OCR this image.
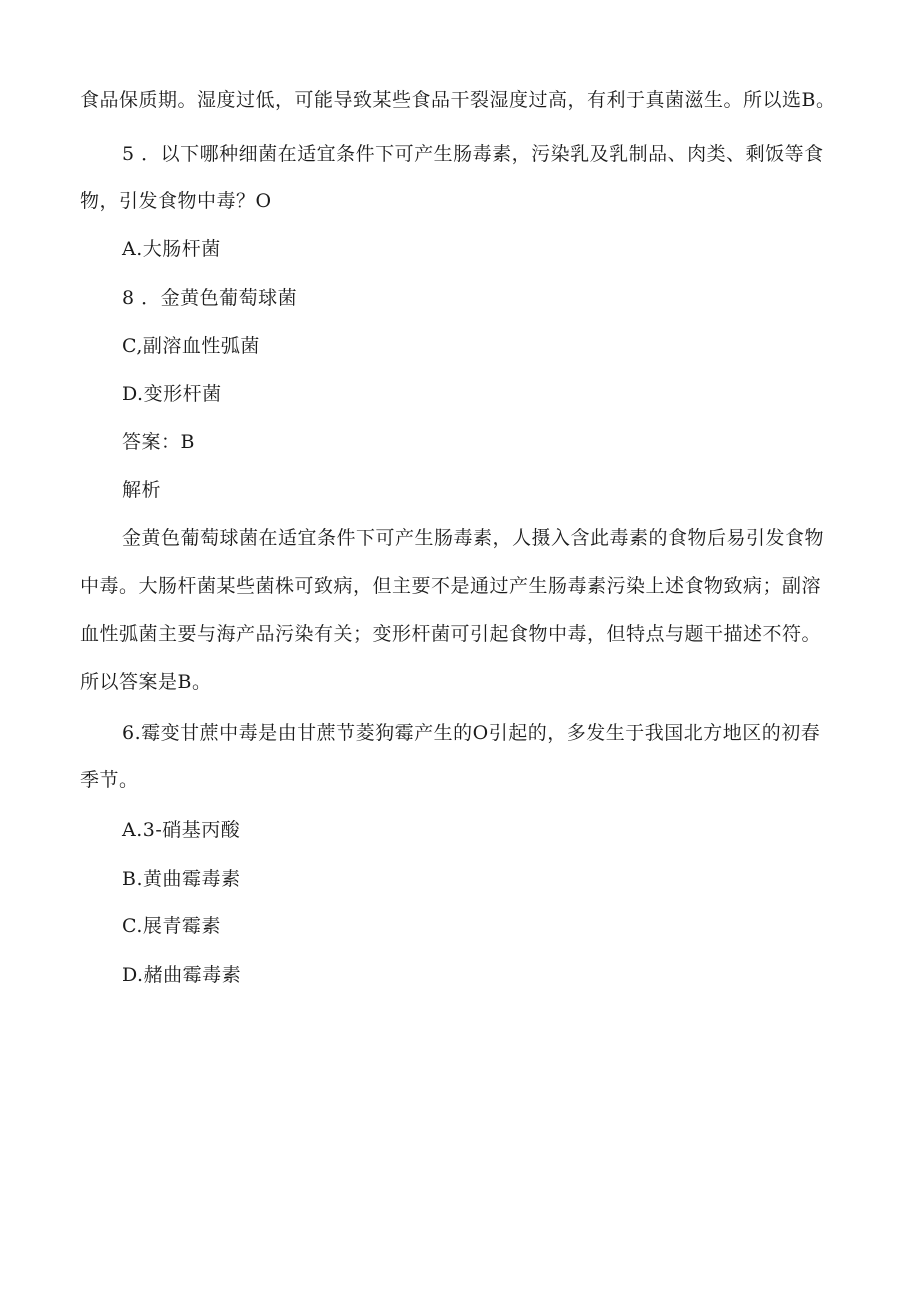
食品保质期。湿度过低，可能导致某些食品干裂湿度过高，有利于真菌滋生。所以选B。
5 ．以下哪种细菌在适宜条件下可产生肠毒素，污染乳及乳制品、肉类、剩饭等食
物，引发食物中毒？O
A.大肠杆菌
8 ．金黄色葡萄球菌
C,副溶血性弧菌
D.变形杆菌
答案：B
解析
金黄色葡萄球菌在适宜条件下可产生肠毒素，人摄入含此毒素的食物后易引发食物
中毒。大肠杆菌某些菌株可致病，但主要不是通过产生肠毒素污染上述食物致病；副溶
血性弧菌主要与海产品污染有关；变形杆菌可引起食物中毒，但特点与题干描述不符。
所以答案是B。
6.霉变甘蔗中毒是由甘蔗节菱狗霉产生的O引起的，多发生于我国北方地区的初春
季节。
A.3-硝基丙酸
B.黄曲霉毒素
C.展青霉素
D.赭曲霉毒素
